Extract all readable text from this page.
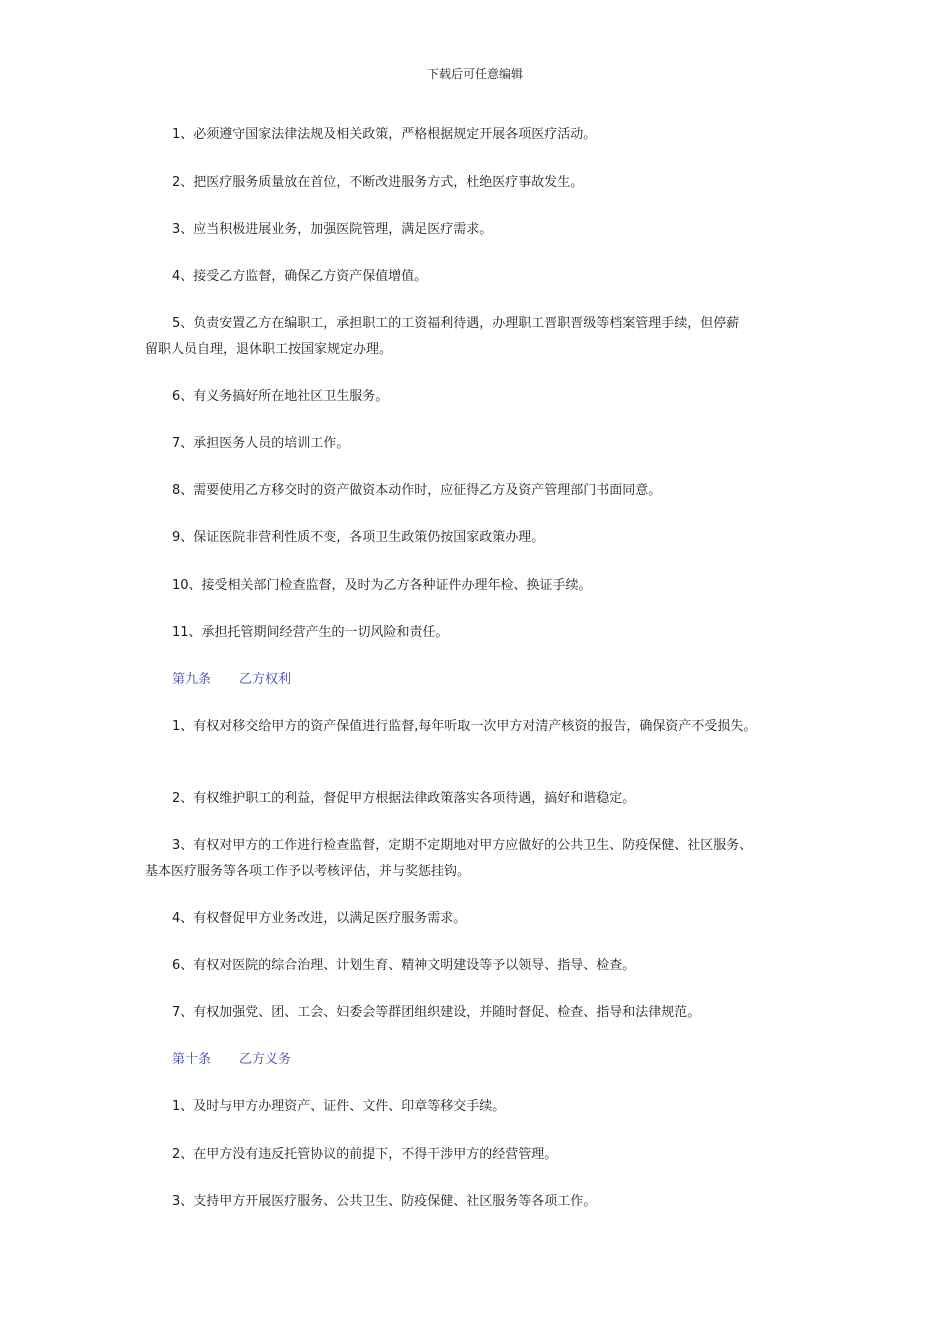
下载后可任意编辑
1、必须遵守国家法律法规及相关政策，严格根据规定开展各项医疗活动。
2、把医疗服务质量放在首位，不断改进服务方式，杜绝医疗事故发生。
3、应当积极进展业务，加强医院管理，满足医疗需求。
4、接受乙方监督，确保乙方资产保值增值。
5、负责安置乙方在编职工，承担职工的工资福利待遇，办理职工晋职晋级等档案管理手续，但停薪
留职人员自理，退休职工按国家规定办理。
6、有义务搞好所在地社区卫生服务。
7、承担医务人员的培训工作。
8、需要使用乙方移交时的资产做资本动作时，应征得乙方及资产管理部门书面同意。
9、保证医院非营利性质不变，各项卫生政策仍按国家政策办理。
10、接受相关部门检查监督，及时为乙方各种证件办理年检、换证手续。
11、承担托管期间经营产生的一切风险和责任。
第九条 乙方权利
1、有权对移交给甲方的资产保值进行监督,每年听取一次甲方对清产核资的报告，确保资产不受损失。
2、有权维护职工的利益，督促甲方根据法律政策落实各项待遇，搞好和谐稳定。
3、有权对甲方的工作进行检查监督，定期不定期地对甲方应做好的公共卫生、防疫保健、社区服务、
基本医疗服务等各项工作予以考核评估，并与奖惩挂钩。
4、有权督促甲方业务改进，以满足医疗服务需求。
6、有权对医院的综合治理、计划生育、精神文明建设等予以领导、指导、检查。
7、有权加强党、团、工会、妇委会等群团组织建设，并随时督促、检查、指导和法律规范。
第十条 乙方义务
1、及时与甲方办理资产、证件、文件、印章等移交手续。
2、在甲方没有违反托管协议的前提下，不得干涉甲方的经营管理。
3、支持甲方开展医疗服务、公共卫生、防疫保健、社区服务等各项工作。
